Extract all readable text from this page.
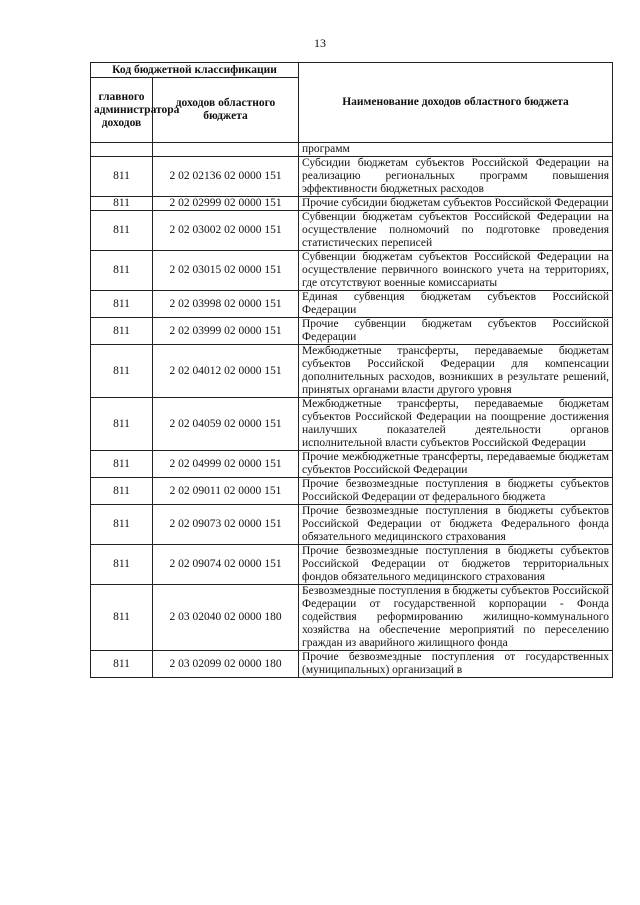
13
Код бюджетной классификации		Наименование доходов областного бюджета
главного администратора доходов	доходов областного бюджета	
		программ
811	2 02 02136 02 0000 151	Субсидии бюджетам субъектов Российской Федерации на реализацию региональных программ повышения эффективности бюджетных расходов
811	2 02 02999 02 0000 151	Прочие субсидии бюджетам субъектов Российской Федерации
811	2 02 03002 02 0000 151	Субвенции бюджетам субъектов Российской Федерации на осуществление полномочий по подготовке проведения статистических переписей
811	2 02 03015 02 0000 151	Субвенции бюджетам субъектов Российской Федерации на осуществление первичного воинского учета на территориях, где отсутствуют военные комиссариаты
811	2 02 03998 02 0000 151	Единая субвенция бюджетам субъектов Российской Федерации
811	2 02 03999 02 0000 151	Прочие субвенции бюджетам субъектов Российской Федерации
811	2 02 04012 02 0000 151	Межбюджетные трансферты, передаваемые бюджетам субъектов Российской Федерации для компенсации дополнительных расходов, возникших в результате решений, принятых органами власти другого уровня
811	2 02 04059 02 0000 151	Межбюджетные трансферты, передаваемые бюджетам субъектов Российской Федерации на поощрение достижения наилучших показателей деятельности органов исполнительной власти субъектов Российской Федерации
811	2 02 04999 02 0000 151	Прочие межбюджетные трансферты, передаваемые бюджетам субъектов Российской Федерации
811	2 02 09011 02 0000 151	Прочие безвозмездные поступления в бюджеты субъектов Российской Федерации от федерального бюджета
811	2 02 09073 02 0000 151	Прочие безвозмездные поступления в бюджеты субъектов Российской Федерации от бюджета Федерального фонда обязательного медицинского страхования
811	2 02 09074 02 0000 151	Прочие безвозмездные поступления в бюджеты субъектов Российской Федерации от бюджетов территориальных фондов обязательного медицинского страхования
811	2 03 02040 02 0000 180	Безвозмездные поступления в бюджеты субъектов Российской Федерации от государственной корпорации - Фонда содействия реформированию жилищно-коммунального хозяйства на обеспечение мероприятий по переселению граждан из аварийного жилищного фонда
811	2 03 02099 02 0000 180	Прочие безвозмездные поступления от государственных (муниципальных) организаций в
